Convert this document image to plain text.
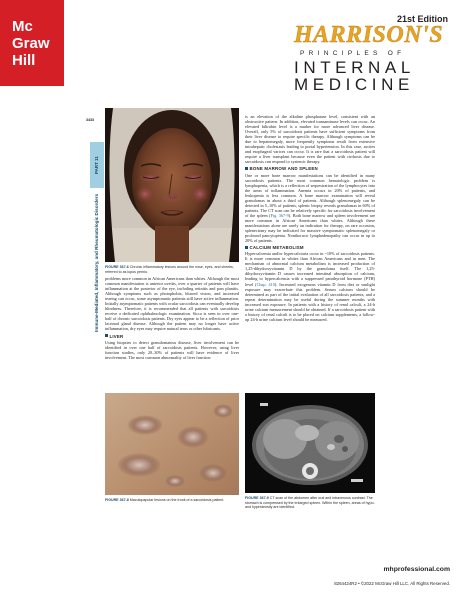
Mc
Graw
Hill
21st Edition
HARRISON'S
PRINCIPLES OF
INTERNAL
MEDICINE
3433
PART 11
Immune-Mediated, Inflammatory, and Rheumatologic Disorders	FIGURE 367-6 Chronic inflammatory lesions around the nose, eyes, and cheeks, referred to as lupus pernio.

problems more common in African Americans than whites. Although the most common manifestation is anterior uveitis, over a quarter of patients will have inflammation at the posterior of the eye, including retinitis and pars planitis. Although symptoms such as photophobia, blurred vision, and increased tearing can occur, some asymptomatic patients still have active inflammation. Initially asymptomatic patients with ocular sarcoidosis can eventually develop blindness. Therefore, it is recommended that all patients with sarcoidosis receive a dedicated ophthalmologic examination. Sicca is seen in over one-half of chronic sarcoidosis patients. Dry eyes appear to be a reflection of prior lacrimal gland disease. Although the patient may no longer have active inflammation, dry eyes may require natural tears or other lubricants.

LIVER

Using biopsies to detect granulomatous disease, liver involvement can be identified in over one half of sarcoidosis patients. However, using liver function studies, only 20–30% of patients will have evidence of liver involvement. The most common abnormality of liver function

is an elevation of the alkaline phosphatase level, consistent with an obstructive pattern. In addition, elevated transaminase levels can occur. An elevated bilirubin level is a marker for more advanced liver disease. Overall, only 5% of sarcoidosis patients have sufficient symptoms from their liver disease to require specific therapy. Although symptoms can be due to hepatomegaly, more frequently symptoms result from extensive intrahepatic cholestasis leading to portal hypertension. In this case, ascites and esophageal varices can occur. It is rare that a sarcoidosis patient will require a liver transplant because even the patient with cirrhosis due to sarcoidosis can respond to systemic therapy.

BONE MARROW AND SPLEEN

One or more bone marrow manifestations can be identified in many sarcoidosis patients. The most common hematologic problem is lymphopenia, which is a reflection of sequestration of the lymphocytes into the areas of inflammation. Anemia occurs in 20% of patients, and leukopenia is less common. A bone marrow examination will reveal granulomas in about a third of patients. Although splenomegaly can be detected in 5–10% of patients, splenic biopsy reveals granulomas in 60% of patients. The CT scan can be relatively specific for sarcoidosis involvement of the spleen (Fig. 367-9). Both bone marrow and spleen involvement are more common in African Americans than whites. Although these manifestations alone are rarely an indication for therapy, on rare occasion, splenectomy may be indicated for massive symptomatic splenomegaly or profound pancytopenia. Nonthoracic lymphadenopathy can occur in up to 20% of patients.

CALCIUM METABOLISM

Hypercalcemia and/or hypercalciuria occur in ~10% of sarcoidosis patients. It is more common in whites than African Americans and in men. The mechanism of abnormal calcium metabolism is increased production of 1,25-dihydroxyvitamin D by the granuloma itself. The 1,25-dihydroxyvitamin D causes increased intestinal absorption of calcium, leading to hypercalcemia with a suppressed parathyroid hormone (PTH) level (Chap. 410). Increased exogenous vitamin D from diet or sunlight exposure may exacerbate this problem. Serum calcium should be determined as part of the initial evaluation of all sarcoidosis patients, and a repeat determination may be useful during the summer months with increased sun exposure. In patients with a history of renal calculi, a 24-h urine calcium measurement should be obtained. If a sarcoidosis patient with a history of renal calculi is to be placed on calcium supplements, a follow-up 24-h urine calcium level should be measured.

FIGURE 367-8 Maculopapular lesions on the trunk of a sarcoidosis patient.	FIGURE 367-9 CT scan of the abdomen after oral and intravenous contrast. The stomach is compressed by the enlarged spleen. Within the spleen, areas of hypo- and hyperdensity are identified.
mhprofessional.com
8264424R2 • ©2022 McGraw Hill LLC. All Rights Reserved.
